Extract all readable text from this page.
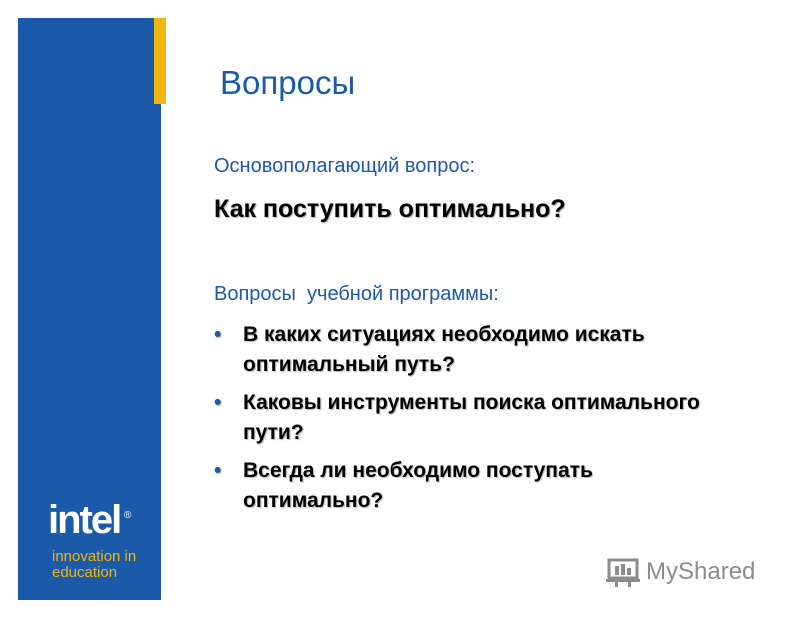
intel ®
innovation in
education
Вопросы
Основополагающий вопрос:
Как поступить оптимально?
Вопросы  учебной программы:
• В каких ситуациях необходимо искать оптимальный путь?
• Каковы инструменты поиска оптимального пути?
• Всегда ли необходимо поступать оптимально?
MyShared
